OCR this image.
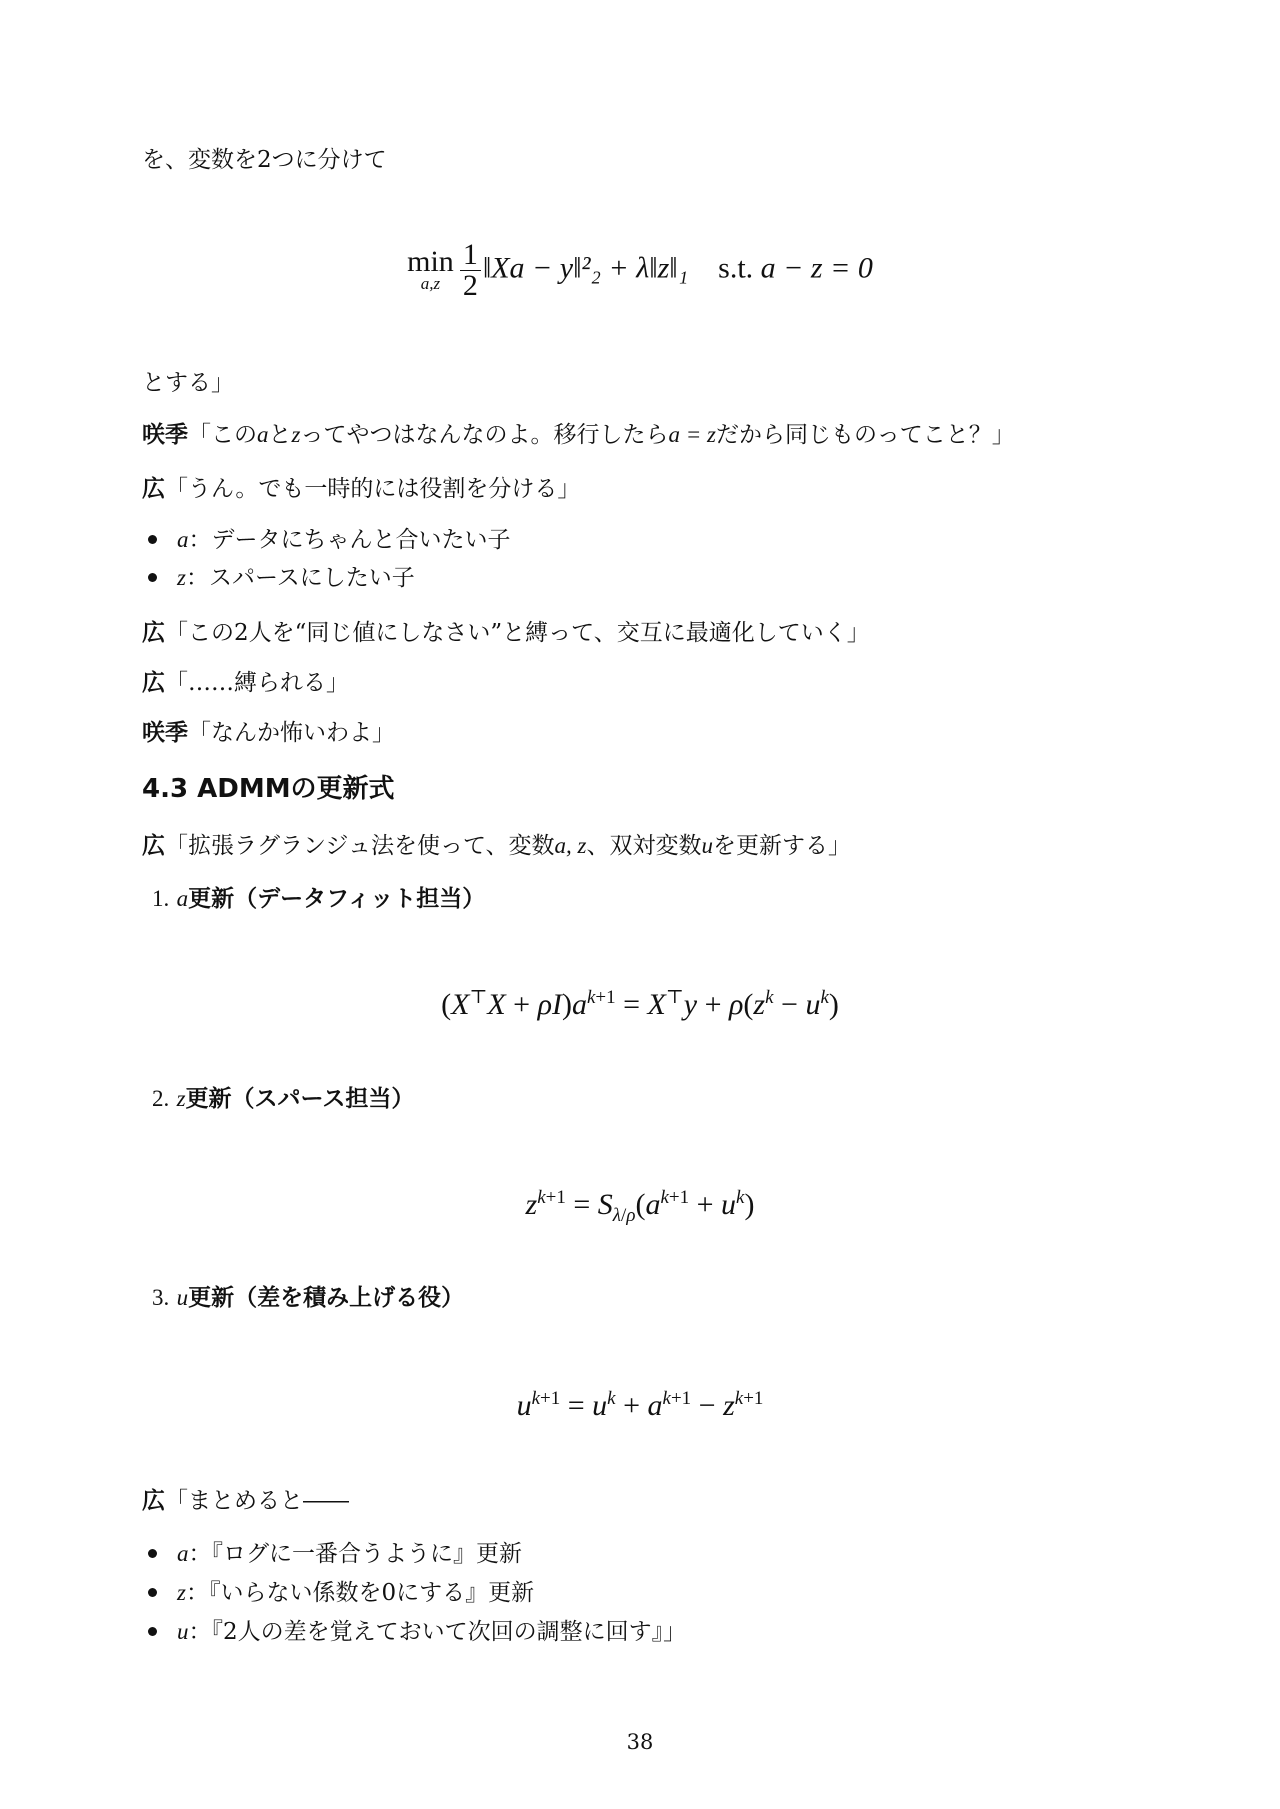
を、変数を2つに分けて
min
$a,z \frac{1}{2}$ ‖Xa − y‖²₂ + λ‖z‖₁ s.t. a − z = 0
とする」
咲季「このaとzってやつはなんなのよ。移行したらa = zだから同じものってこと？」
広「うん。でも一時的には役割を分ける」
a：データにちゃんと合いたい子
z：スパースにしたい子
広「この2人を“同じ値にしなさい”と縛って、交互に最適化していく」
広「……縛られる」
咲季「なんか怖いわよ」
4.3 ADMMの更新式
広「拡張ラグランジュ法を使って、変数a, z、双対変数uを更新する」
1. a更新（データフィット担当）
$(X^⊤X + \rho I)a^{k+1} = X^⊤y + \rho(z^k - u^k)$
2. z更新（スパース担当）
$z^{k+1} = S_{\lambda/\rho}(a^{k+1} + u^k)$
3. u更新（差を積み上げる役）
$u^{k+1} = u^k + a^{k+1} - z^{k+1}$
広「まとめると――
a：『ログに一番合うように』更新
z：『いらない係数を0にする』更新
u：『2人の差を覚えておいて次回の調整に回す』」
38
